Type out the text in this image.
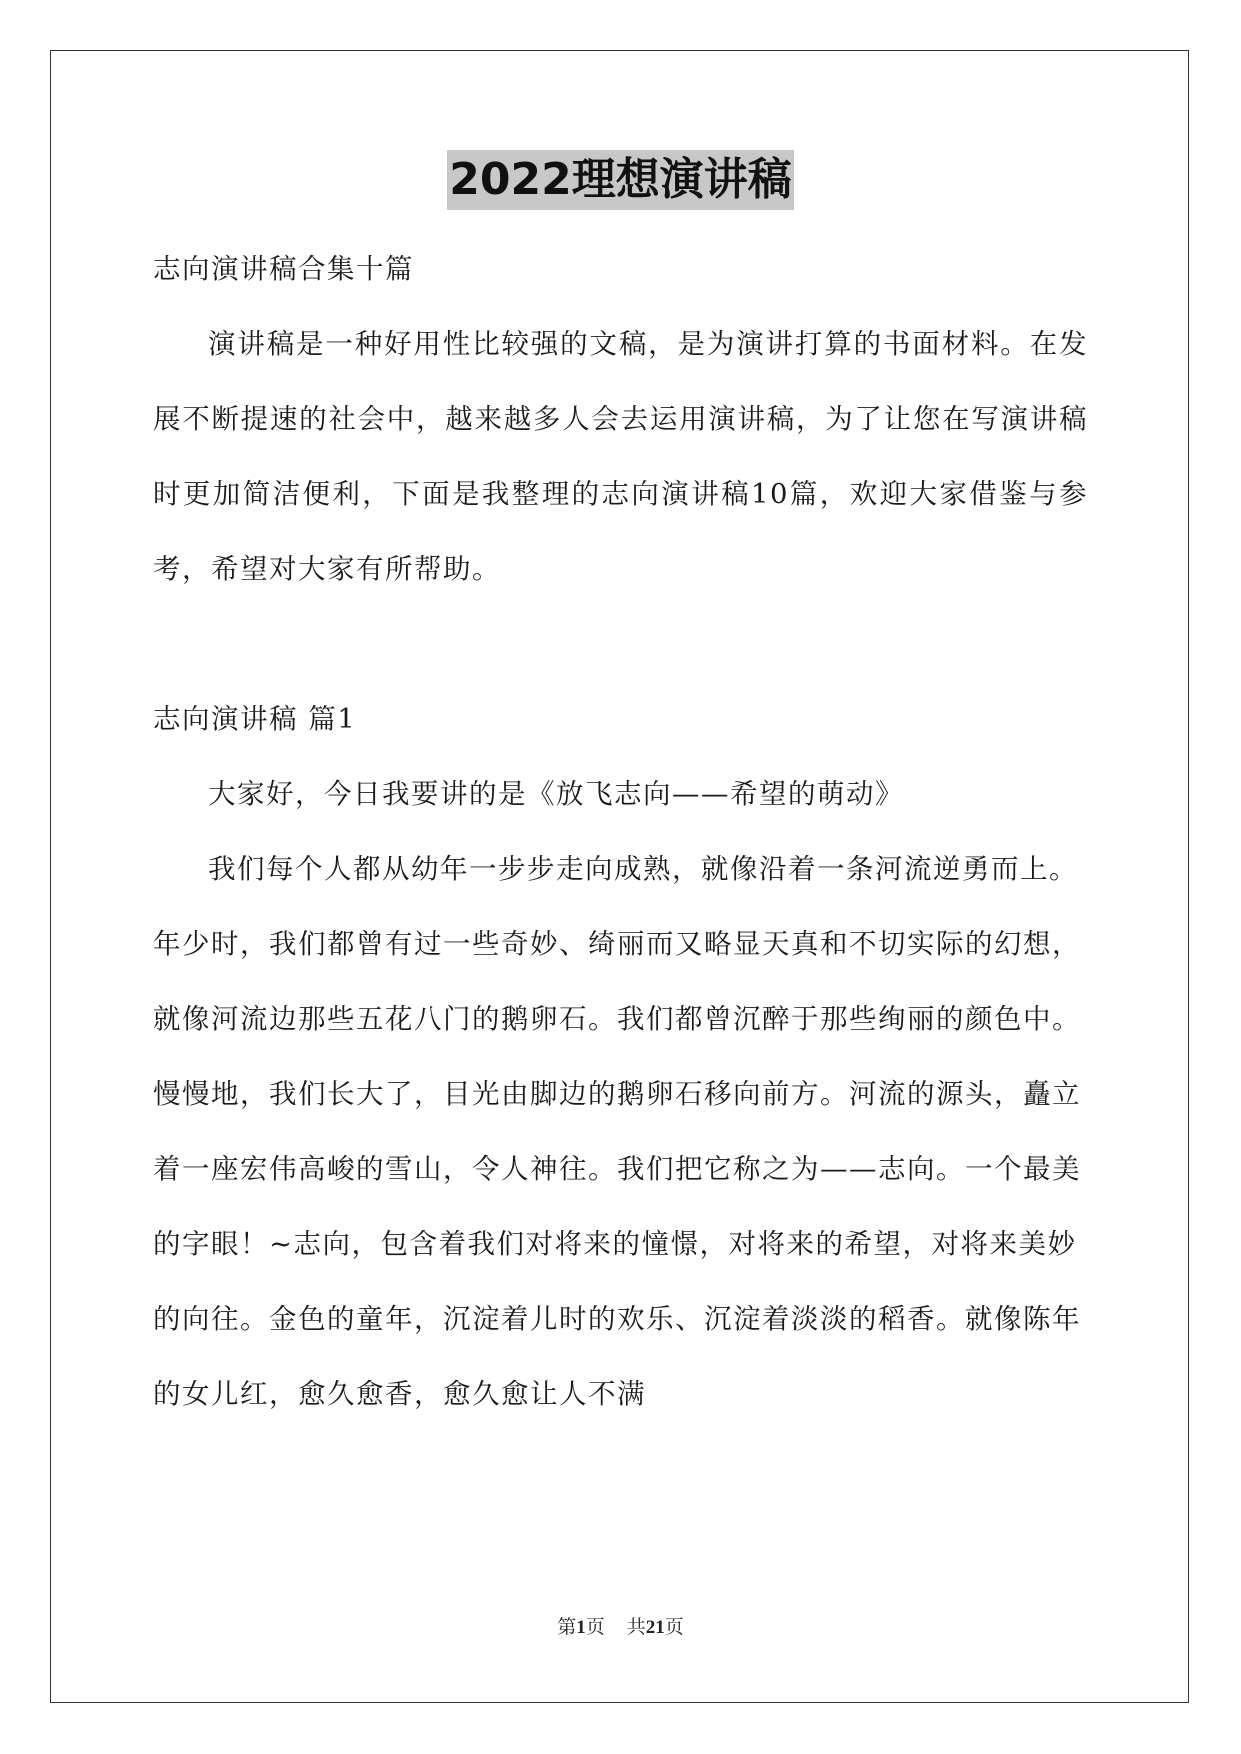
2022理想演讲稿

志向演讲稿合集十篇

演讲稿是一种好用性比较强的文稿，是为演讲打算的书面材料。在发展不断提速的社会中，越来越多人会去运用演讲稿，为了让您在写演讲稿时更加简洁便利，下面是我整理的志向演讲稿10篇，欢迎大家借鉴与参考，希望对大家有所帮助。

志向演讲稿 篇1

大家好，今日我要讲的是《放飞志向——希望的萌动》

我们每个人都从幼年一步步走向成熟，就像沿着一条河流逆勇而上。年少时，我们都曾有过一些奇妙、绮丽而又略显天真和不切实际的幻想，就像河流边那些五花八门的鹅卵石。我们都曾沉醉于那些绚丽的颜色中。慢慢地，我们长大了，目光由脚边的鹅卵石移向前方。河流的源头，矗立着一座宏伟高峻的雪山，令人神往。我们把它称之为——志向。一个最美的字眼！~志向，包含着我们对将来的憧憬，对将来的希望，对将来美妙的向往。金色的童年，沉淀着儿时的欢乐、沉淀着淡淡的稻香。就像陈年的女儿红，愈久愈香，愈久愈让人不满

第1页 共21页
